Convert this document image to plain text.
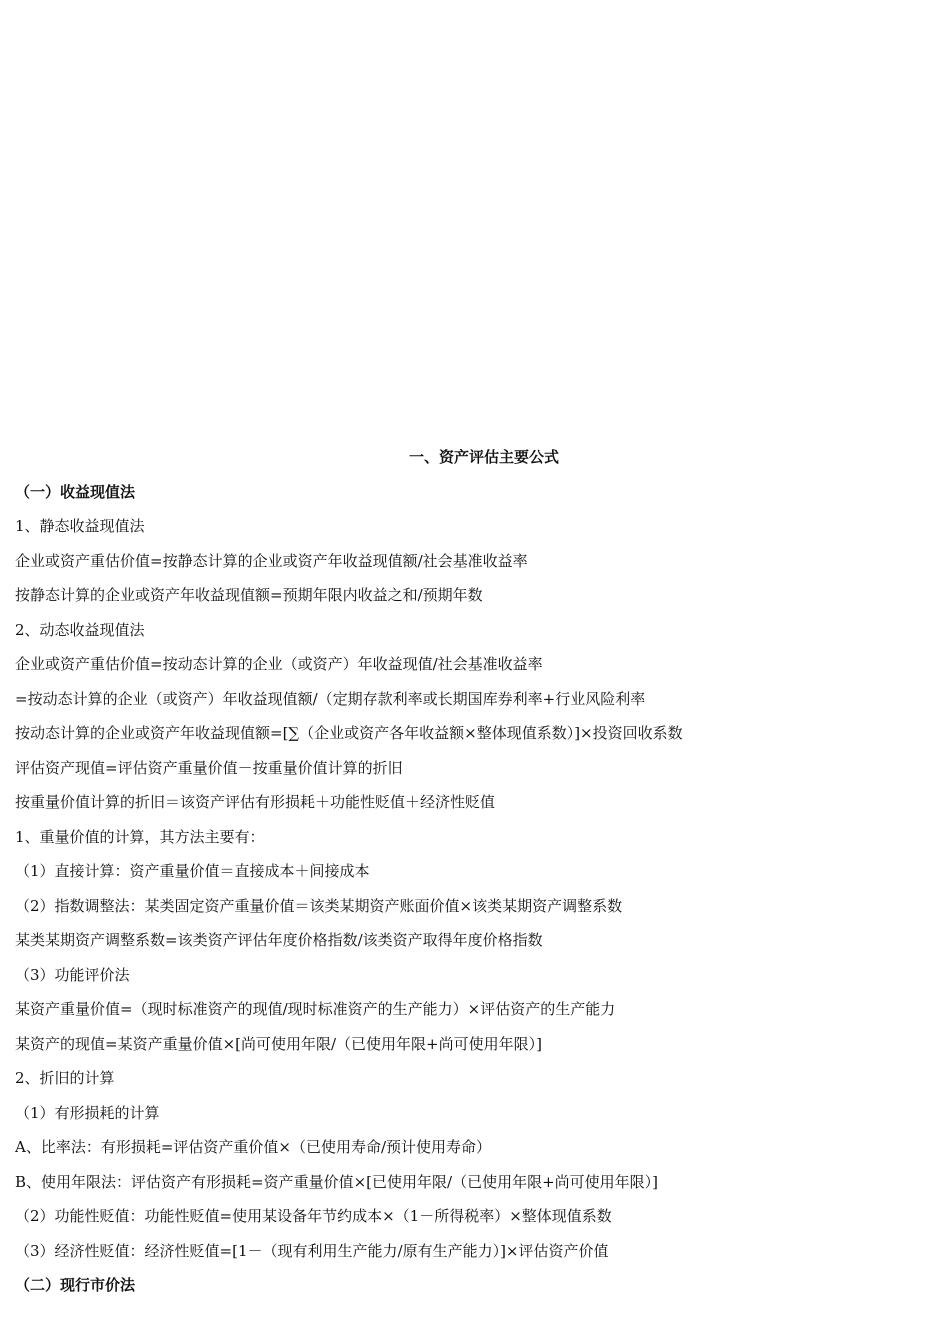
一、资产评估主要公式
（一）收益现值法
1、静态收益现值法
企业或资产重估价值=按静态计算的企业或资产年收益现值额/社会基准收益率
按静态计算的企业或资产年收益现值额=预期年限内收益之和/预期年数
2、动态收益现值法
企业或资产重估价值=按动态计算的企业（或资产）年收益现值/社会基准收益率
=按动态计算的企业（或资产）年收益现值额/（定期存款利率或长期国库券利率+行业风险利率
按动态计算的企业或资产年收益现值额=[∑（企业或资产各年收益额×整体现值系数）]×投资回收系数
评估资产现值=评估资产重量价值－按重量价值计算的折旧
按重量价值计算的折旧＝该资产评估有形损耗＋功能性贬值＋经济性贬值
1、重量价值的计算，其方法主要有：
（1）直接计算：资产重量价值＝直接成本＋间接成本
（2）指数调整法：某类固定资产重量价值＝该类某期资产账面价值×该类某期资产调整系数
某类某期资产调整系数=该类资产评估年度价格指数/该类资产取得年度价格指数
（3）功能评价法
某资产重量价值=（现时标准资产的现值/现时标准资产的生产能力）×评估资产的生产能力
某资产的现值=某资产重量价值×[尚可使用年限/（已使用年限+尚可使用年限）]
2、折旧的计算
（1）有形损耗的计算
A、比率法：有形损耗=评估资产重价值×（已使用寿命/预计使用寿命）
B、使用年限法：评估资产有形损耗=资产重量价值×[已使用年限/（已使用年限+尚可使用年限）]
（2）功能性贬值：功能性贬值=使用某设备年节约成本×（1－所得税率）×整体现值系数
（3）经济性贬值：经济性贬值=[1－（现有利用生产能力/原有生产能力）]×评估资产价值
（二）现行市价法
